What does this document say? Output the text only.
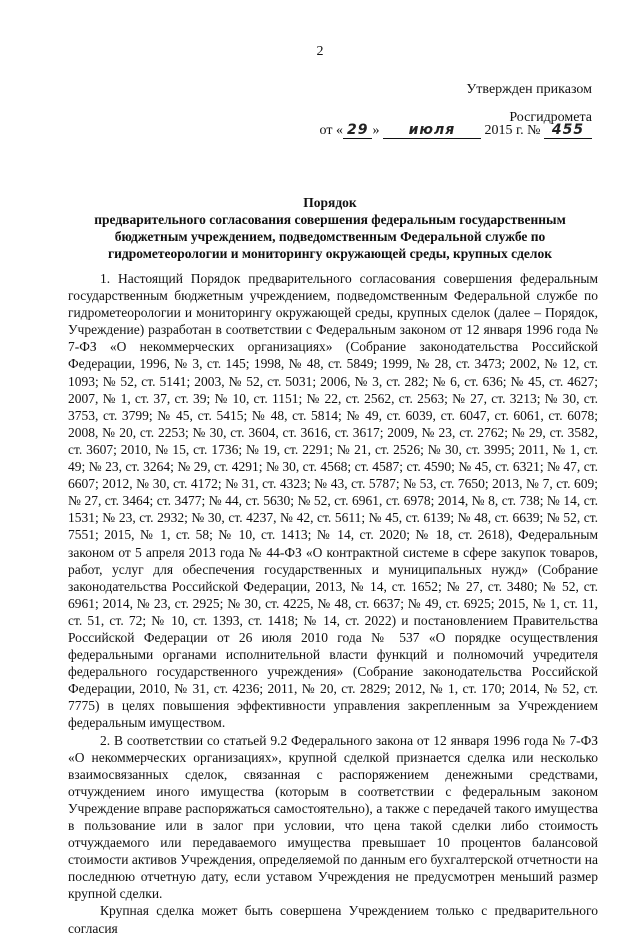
2
Утвержден приказом
Росгидромета
от « 29 » июля 2015 г. № 455
Порядок
предварительного согласования совершения федеральным государственным бюджетным учреждением, подведомственным Федеральной службе по гидрометеорологии и мониторингу окружающей среды, крупных сделок

1. Настоящий Порядок предварительного согласования совершения федеральным государственным бюджетным учреждением, подведомственным Федеральной службе по гидрометеорологии и мониторингу окружающей среды, крупных сделок (далее – Порядок, Учреждение) разработан в соответствии с Федеральным законом от 12 января 1996 года № 7-ФЗ «О некоммерческих организациях» (Собрание законодательства Российской Федерации, 1996, № 3, ст. 145; 1998, № 48, ст. 5849; 1999, № 28, ст. 3473; 2002, № 12, ст. 1093; № 52, ст. 5141; 2003, № 52, ст. 5031; 2006, № 3, ст. 282; № 6, ст. 636; № 45, ст. 4627; 2007, № 1, ст. 37, ст. 39; № 10, ст. 1151; № 22, ст. 2562, ст. 2563; № 27, ст. 3213; № 30, ст. 3753, ст. 3799; № 45, ст. 5415; № 48, ст. 5814; № 49, ст. 6039, ст. 6047, ст. 6061, ст. 6078; 2008, № 20, ст. 2253; № 30, ст. 3604, ст. 3616, ст. 3617; 2009, № 23, ст. 2762; № 29, ст. 3582, ст. 3607; 2010, № 15, ст. 1736; № 19, ст. 2291; № 21, ст. 2526; № 30, ст. 3995; 2011, № 1, ст. 49; № 23, ст. 3264; № 29, ст. 4291; № 30, ст. 4568; ст. 4587; ст. 4590; № 45, ст. 6321; № 47, ст. 6607; 2012, № 30, ст. 4172; № 31, ст. 4323; № 43, ст. 5787; № 53, ст. 7650; 2013, № 7, ст. 609; № 27, ст. 3464; ст. 3477; № 44, ст. 5630; № 52, ст. 6961, ст. 6978; 2014, № 8, ст. 738; № 14, ст. 1531; № 23, ст. 2932; № 30, ст. 4237, № 42, ст. 5611; № 45, ст. 6139; № 48, ст. 6639; № 52, ст. 7551; 2015, № 1, ст. 58; № 10, ст. 1413; № 14, ст. 2020; № 18, ст. 2618), Федеральным законом от 5 апреля 2013 года № 44-ФЗ «О контрактной системе в сфере закупок товаров, работ, услуг для обеспечения государственных и муниципальных нужд» (Собрание законодательства Российской Федерации, 2013, № 14, ст. 1652; № 27, ст. 3480; № 52, ст. 6961; 2014, № 23, ст. 2925; № 30, ст. 4225, № 48, ст. 6637; № 49, ст. 6925; 2015, № 1, ст. 11, ст. 51, ст. 72; № 10, ст. 1393, ст. 1418; № 14, ст. 2022) и постановлением Правительства Российской Федерации от 26 июля 2010 года № 537 «О порядке осуществления федеральными органами исполнительной власти функций и полномочий учредителя федерального государственного учреждения» (Собрание законодательства Российской Федерации, 2010, № 31, ст. 4236; 2011, № 20, ст. 2829; 2012, № 1, ст. 170; 2014, № 52, ст. 7775) в целях повышения эффективности управления закрепленным за Учреждением федеральным имуществом.

2. В соответствии со статьей 9.2 Федерального закона от 12 января 1996 года № 7-ФЗ «О некоммерческих организациях», крупной сделкой признается сделка или несколько взаимосвязанных сделок, связанная с распоряжением денежными средствами, отчуждением иного имущества (которым в соответствии с федеральным законом Учреждение вправе распоряжаться самостоятельно), а также с передачей такого имущества в пользование или в залог при условии, что цена такой сделки либо стоимость отчуждаемого или передаваемого имущества превышает 10 процентов балансовой стоимости активов Учреждения, определяемой по данным его бухгалтерской отчетности на последнюю отчетную дату, если уставом Учреждения не предусмотрен меньший размер крупной сделки.

Крупная сделка может быть совершена Учреждением только с предварительного согласия
